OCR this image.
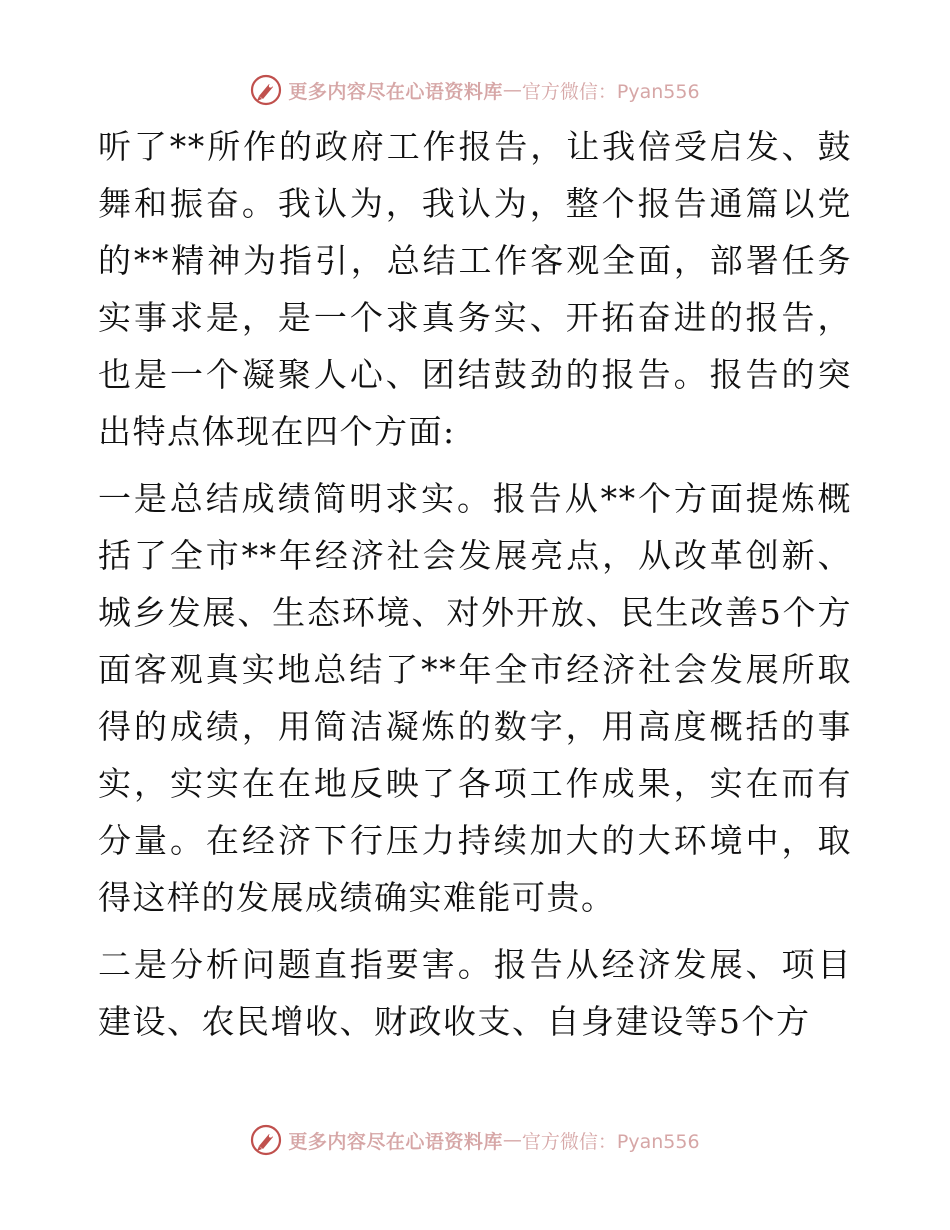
更多内容尽在心语资料库 — 官方微信：Pyan556

听了**所作的政府工作报告，让我倍受启发、鼓舞和振奋。我认为，我认为，整个报告通篇以党的**精神为指引，总结工作客观全面，部署任务实事求是，是一个求真务实、开拓奋进的报告，也是一个凝聚人心、团结鼓劲的报告。报告的突出特点体现在四个方面:

一是总结成绩简明求实。报告从**个方面提炼概括了全市**年经济社会发展亮点，从改革创新、城乡发展、生态环境、对外开放、民生改善5个方面客观真实地总结了**年全市经济社会发展所取得的成绩，用简洁凝炼的数字，用高度概括的事实，实实在在地反映了各项工作成果，实在而有分量。在经济下行压力持续加大的大环境中，取得这样的发展成绩确实难能可贵。

二是分析问题直指要害。报告从经济发展、项目建设、农民增收、财政收支、自身建设等5个方

更多内容尽在心语资料库 — 官方微信：Pyan556
